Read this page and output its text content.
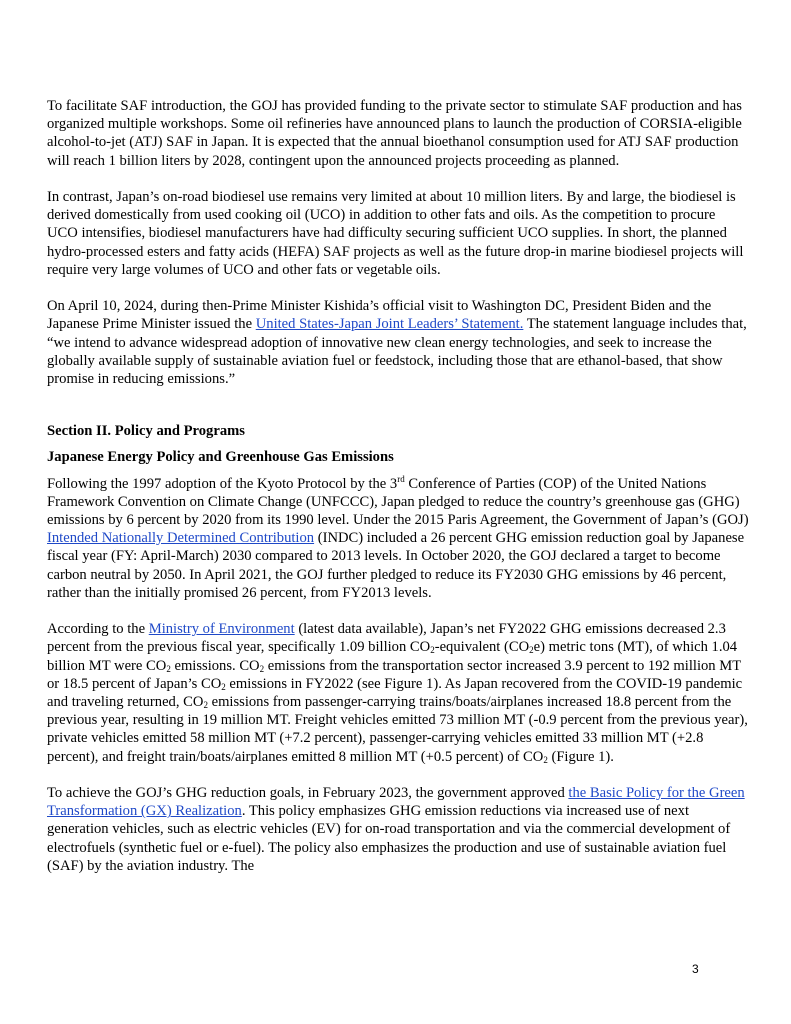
To facilitate SAF introduction, the GOJ has provided funding to the private sector to stimulate SAF production and has organized multiple workshops. Some oil refineries have announced plans to launch the production of CORSIA-eligible alcohol-to-jet (ATJ) SAF in Japan. It is expected that the annual bioethanol consumption used for ATJ SAF production will reach 1 billion liters by 2028, contingent upon the announced projects proceeding as planned.

In contrast, Japan’s on-road biodiesel use remains very limited at about 10 million liters. By and large, the biodiesel is derived domestically from used cooking oil (UCO) in addition to other fats and oils. As the competition to procure UCO intensifies, biodiesel manufacturers have had difficulty securing sufficient UCO supplies. In short, the planned hydro-processed esters and fatty acids (HEFA) SAF projects as well as the future drop-in marine biodiesel projects will require very large volumes of UCO and other fats or vegetable oils.

On April 10, 2024, during then-Prime Minister Kishida’s official visit to Washington DC, President Biden and the Japanese Prime Minister issued the United States-Japan Joint Leaders’ Statement. The statement language includes that, “we intend to advance widespread adoption of innovative new clean energy technologies, and seek to increase the globally available supply of sustainable aviation fuel or feedstock, including those that are ethanol-based, that show promise in reducing emissions.”

Section II. Policy and Programs

Japanese Energy Policy and Greenhouse Gas Emissions

Following the 1997 adoption of the Kyoto Protocol by the 3rd Conference of Parties (COP) of the United Nations Framework Convention on Climate Change (UNFCCC), Japan pledged to reduce the country’s greenhouse gas (GHG) emissions by 6 percent by 2020 from its 1990 level. Under the 2015 Paris Agreement, the Government of Japan’s (GOJ) Intended Nationally Determined Contribution (INDC) included a 26 percent GHG emission reduction goal by Japanese fiscal year (FY: April-March) 2030 compared to 2013 levels. In October 2020, the GOJ declared a target to become carbon neutral by 2050. In April 2021, the GOJ further pledged to reduce its FY2030 GHG emissions by 46 percent, rather than the initially promised 26 percent, from FY2013 levels.

According to the Ministry of Environment (latest data available), Japan’s net FY2022 GHG emissions decreased 2.3 percent from the previous fiscal year, specifically 1.09 billion $CO_2$-equivalent $(CO_2e)$ metric tons (MT), of which 1.04 billion MT were $CO_2$ emissions. $CO_2$ emissions from the transportation sector increased 3.9 percent to 192 million MT or 18.5 percent of Japan’s $CO_2$ emissions in FY2022 (see Figure 1). As Japan recovered from the COVID-19 pandemic and traveling returned, $CO_2$ emissions from passenger-carrying trains/boats/airplanes increased 18.8 percent from the previous year, resulting in 19 million MT. Freight vehicles emitted 73 million MT (-0.9 percent from the previous year), private vehicles emitted 58 million MT (+7.2 percent), passenger-carrying vehicles emitted 33 million MT (+2.8 percent), and freight train/boats/airplanes emitted 8 million MT (+0.5 percent) of $CO_2$ (Figure 1).

To achieve the GOJ’s GHG reduction goals, in February 2023, the government approved the Basic Policy for the Green Transformation (GX) Realization. This policy emphasizes GHG emission reductions via increased use of next generation vehicles, such as electric vehicles (EV) for on-road transportation and via the commercial development of electrofuels (synthetic fuel or e-fuel). The policy also emphasizes the production and use of sustainable aviation fuel (SAF) by the aviation industry. The

3
